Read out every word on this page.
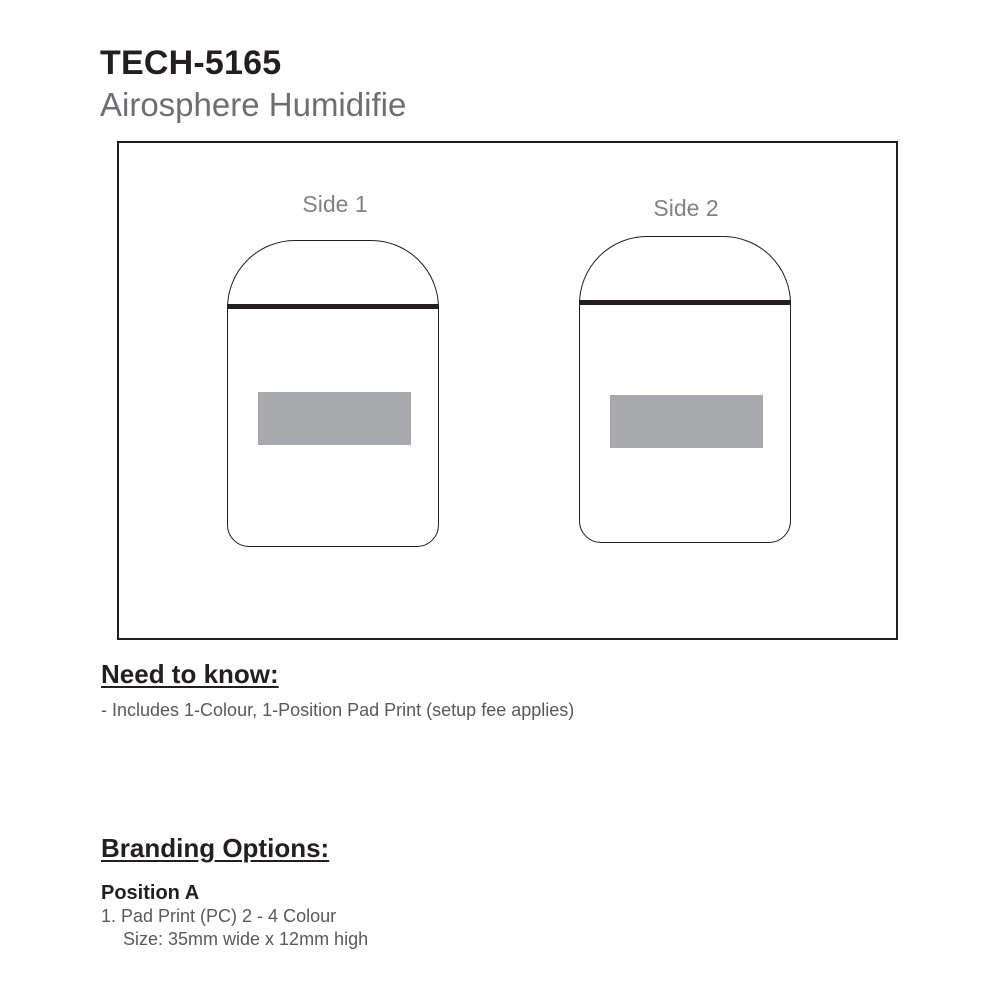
TECH-5165
Airosphere Humidifie
Side 1	Side 2
Need to know:
- Includes 1-Colour, 1-Position Pad Print (setup fee applies)
Branding Options:
Position A
1. Pad Print (PC) 2 - 4 Colour
Size: 35mm wide x 12mm high
